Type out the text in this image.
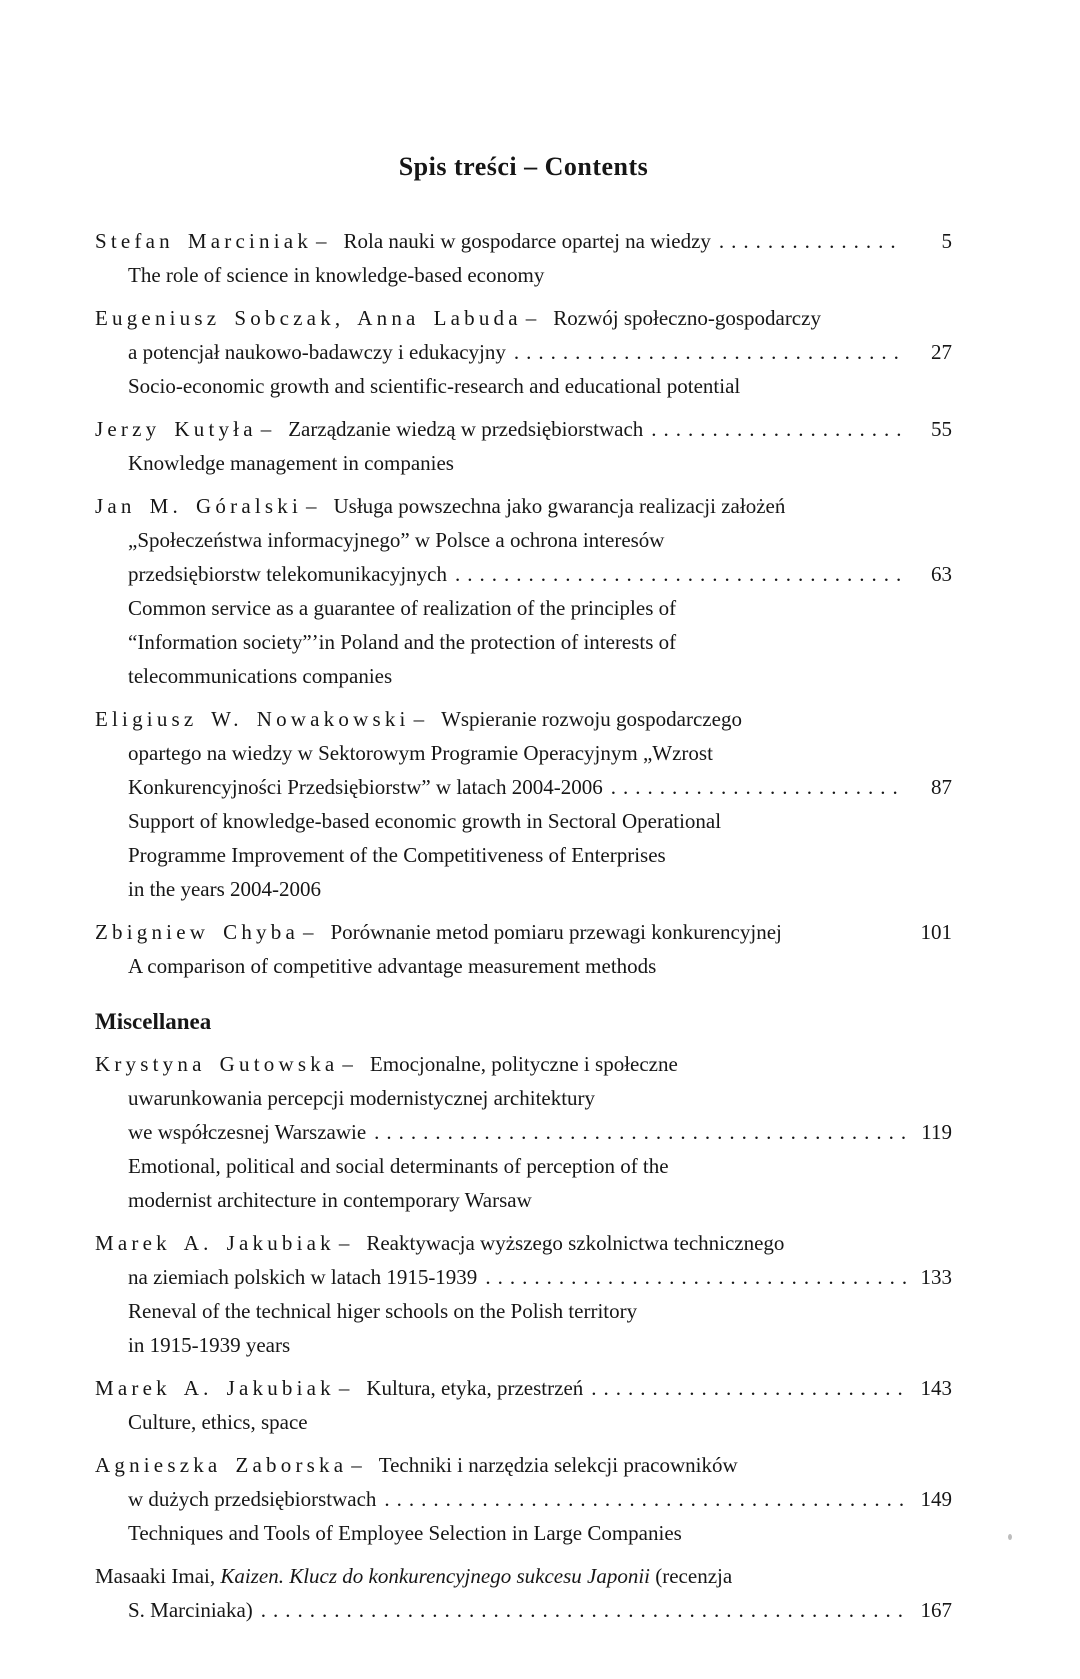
Spis treści – Contents
Stefan Marciniak – Rola nauki w gospodarce opartej na wiedzy ...............	5
The role of science in knowledge-based economy
Eugeniusz Sobczak, Anna Labuda – Rozwój społeczno-gospodarczy
a potencjał naukowo-badawczy i edukacyjny ................................	27
Socio-economic growth and scientific-research and educational potential
Jerzy Kutyła – Zarządzanie wiedzą w przedsiębiorstwach .....................	55
Knowledge management in companies
Jan M. Góralski – Usługa powszechna jako gwarancja realizacji założeń
„Społeczeństwa informacyjnego” w Polsce a ochrona interesów
przedsiębiorstw telekomunikacyjnych .....................................	63
Common service as a guarantee of realization of the principles of
“Information society”’in Poland and the protection of interests of
telecommunications companies
Eligiusz W. Nowakowski – Wspieranie rozwoju gospodarczego
opartego na wiedzy w Sektorowym Programie Operacyjnym „Wzrost
Konkurencyjności Przedsiębiorstw” w latach 2004-2006 ........................	87
Support of knowledge-based economic growth in Sectoral Operational
Programme Improvement of the Competitiveness of Enterprises
in the years 2004-2006
Zbigniew Chyba – Porównanie metod pomiaru przewagi konkurencyjnej	101
A comparison of competitive advantage measurement methods
Miscellanea
Krystyna Gutowska – Emocjonalne, polityczne i społeczne
uwarunkowania percepcji modernistycznej architektury
we współczesnej Warszawie ............................................ 119
Emotional, political and social determinants of perception of the
modernist architecture in contemporary Warsaw
Marek A. Jakubiak – Reaktywacja wyższego szkolnictwa technicznego
na ziemiach polskich w latach 1915-1939 ................................... 133
Reneval of the technical higer schools on the Polish territory
in 1915-1939 years
Marek A. Jakubiak – Kultura, etyka, przestrzeń .......................... 143
Culture, ethics, space
Agnieszka Zaborska – Techniki i narzędzia selekcji pracowników
w dużych przedsiębiorstwach ........................................... 149
Techniques and Tools of Employee Selection in Large Companies
Masaaki Imai, Kaizen. Klucz do konkurencyjnego sukcesu Japonii (recenzja
S. Marciniaka) ..................................................... 167
